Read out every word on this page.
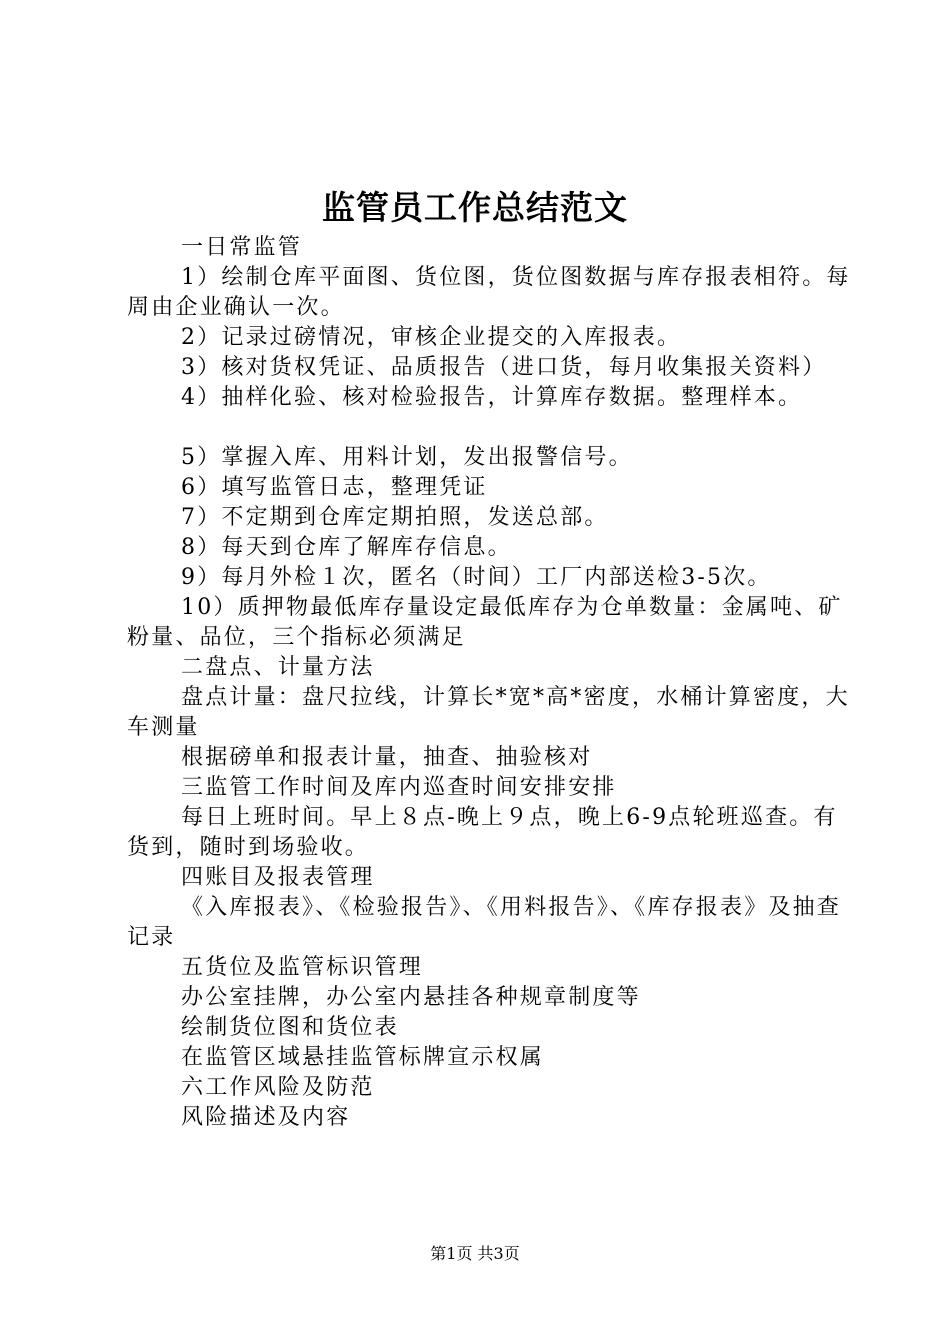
监管员工作总结范文

一日常监管

1）绘制仓库平面图、货位图，货位图数据与库存报表相符。每周由企业确认一次。

2）记录过磅情况，审核企业提交的入库报表。

3）核对货权凭证、品质报告（进口货，每月收集报关资料）

4）抽样化验、核对检验报告，计算库存数据。整理样本。

5）掌握入库、用料计划，发出报警信号。

6）填写监管日志，整理凭证

7）不定期到仓库定期拍照，发送总部。

8）每天到仓库了解库存信息。

9）每月外检１次，匿名（时间）工厂内部送检3-5次。

10）质押物最低库存量设定最低库存为仓单数量：金属吨、矿粉量、品位，三个指标必须满足

二盘点、计量方法

盘点计量：盘尺拉线，计算长*宽*高*密度，水桶计算密度，大车测量

根据磅单和报表计量，抽查、抽验核对

三监管工作时间及库内巡查时间安排安排

每日上班时间。早上８点-晚上９点，晚上6-9点轮班巡查。有货到，随时到场验收。

四账目及报表管理

《入库报表》、《检验报告》、《用料报告》、《库存报表》及抽查记录

五货位及监管标识管理

办公室挂牌，办公室内悬挂各种规章制度等

绘制货位图和货位表

在监管区域悬挂监管标牌宣示权属

六工作风险及防范

风险描述及内容

第1页 共3页
